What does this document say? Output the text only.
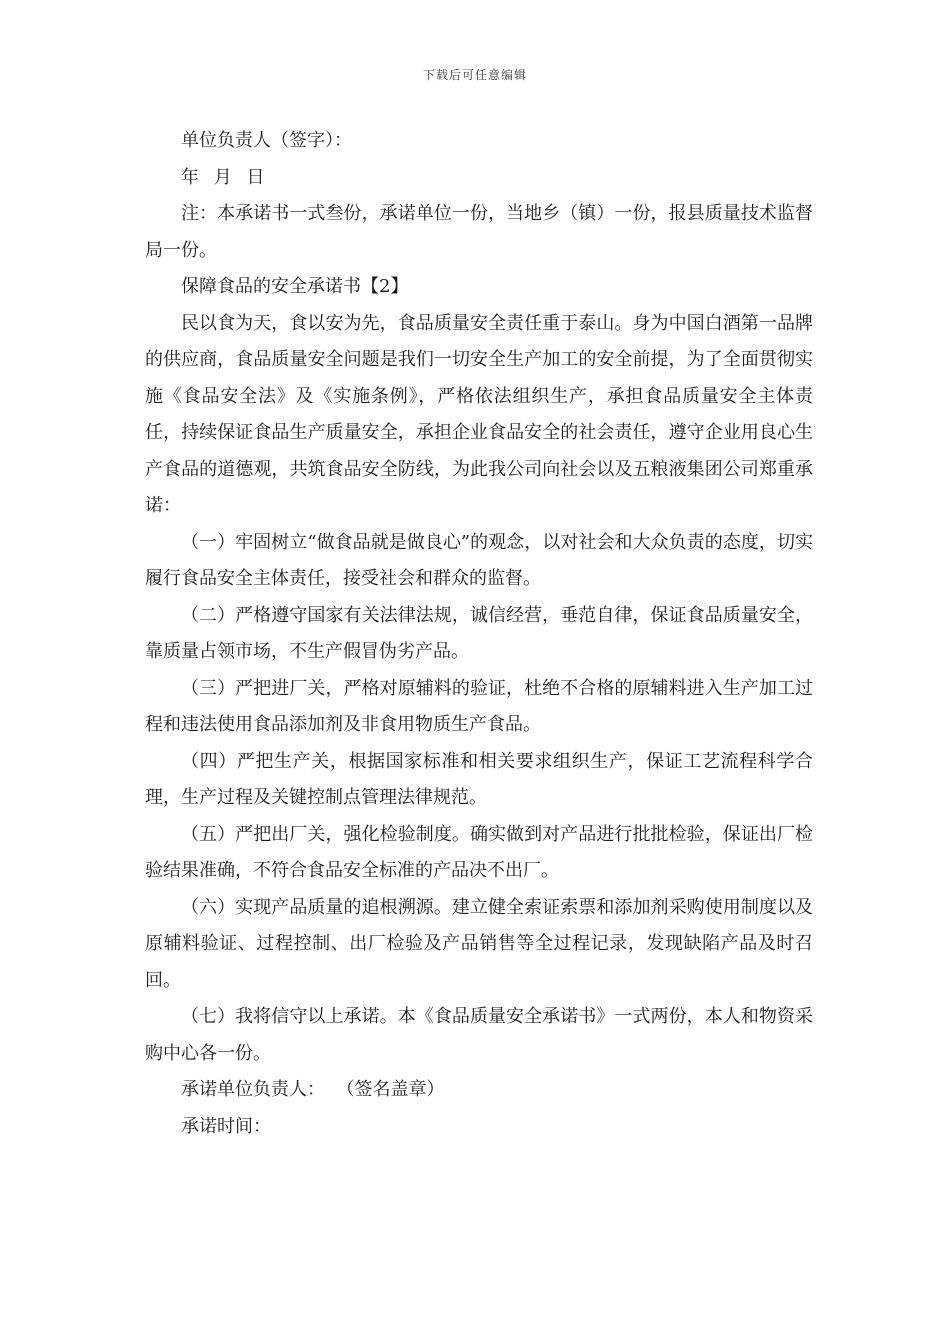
下载后可任意编辑

单位负责人（签字）：

年 月 日

注：本承诺书一式叁份，承诺单位一份，当地乡（镇）一份，报县质量技术监督局一份。

保障食品的安全承诺书【2】

民以食为天，食以安为先，食品质量安全责任重于泰山。身为中国白酒第一品牌的供应商，食品质量安全问题是我们一切安全生产加工的安全前提，为了全面贯彻实施《食品安全法》及《实施条例》，严格依法组织生产，承担食品质量安全主体责任，持续保证食品生产质量安全，承担企业食品安全的社会责任，遵守企业用良心生产食品的道德观，共筑食品安全防线，为此我公司向社会以及五粮液集团公司郑重承诺：

（一）牢固树立“做食品就是做良心”的观念，以对社会和大众负责的态度，切实履行食品安全主体责任，接受社会和群众的监督。

（二）严格遵守国家有关法律法规，诚信经营，垂范自律，保证食品质量安全，靠质量占领市场，不生产假冒伪劣产品。

（三）严把进厂关，严格对原辅料的验证，杜绝不合格的原辅料进入生产加工过程和违法使用食品添加剂及非食用物质生产食品。

（四）严把生产关，根据国家标准和相关要求组织生产，保证工艺流程科学合理，生产过程及关键控制点管理法律规范。

（五）严把出厂关，强化检验制度。确实做到对产品进行批批检验，保证出厂检验结果准确，不符合食品安全标准的产品决不出厂。

（六）实现产品质量的追根溯源。建立健全索证索票和添加剂采购使用制度以及原辅料验证、过程控制、出厂检验及产品销售等全过程记录，发现缺陷产品及时召回。

（七）我将信守以上承诺。本《食品质量安全承诺书》一式两份，本人和物资采购中心各一份。

承诺单位负责人：  （签名盖章）

承诺时间：
